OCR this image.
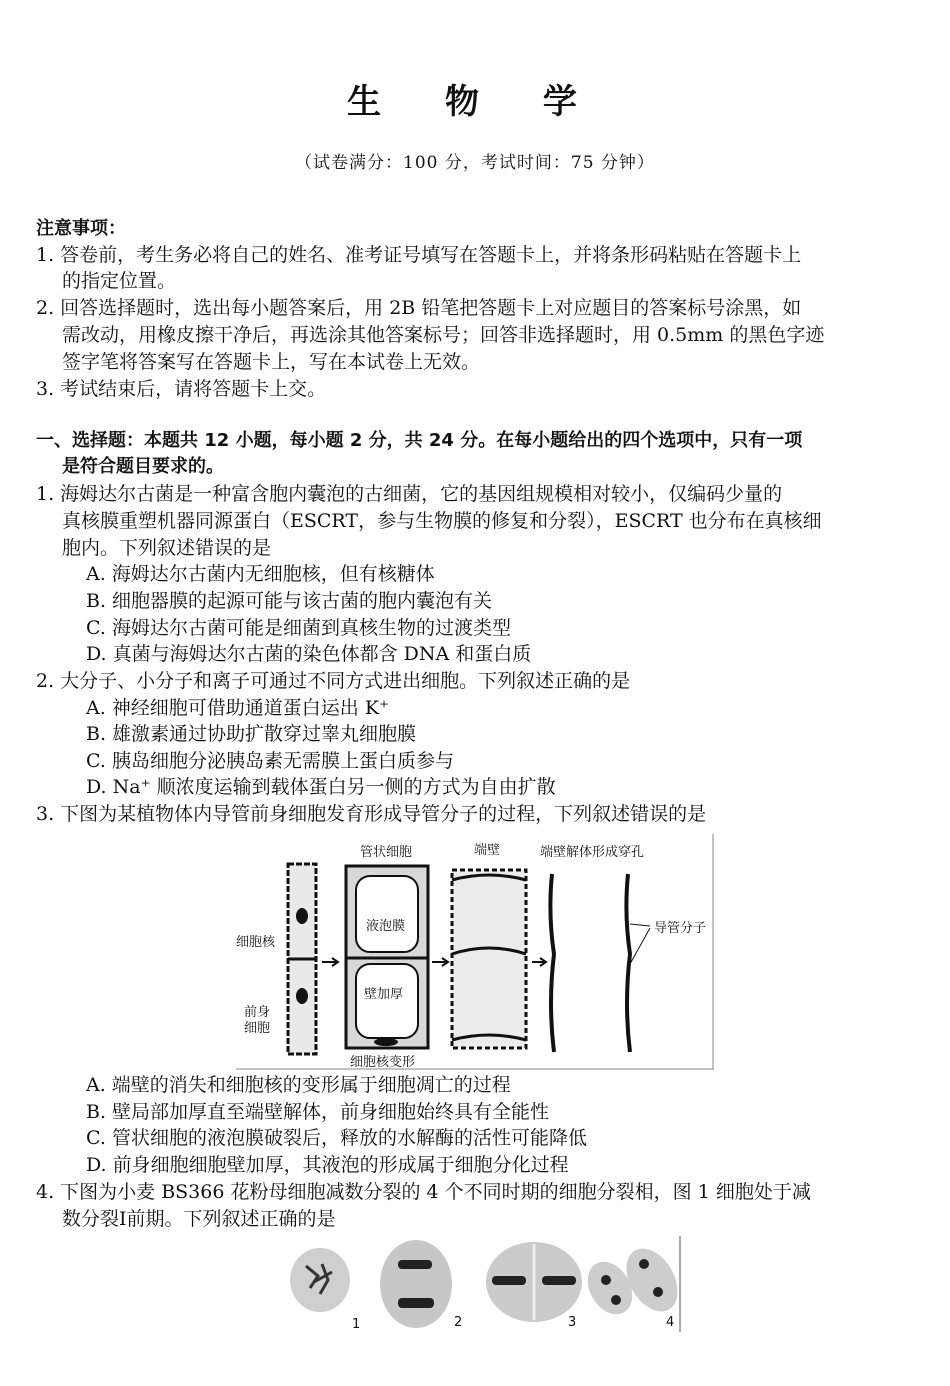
生 物 学
（试卷满分：100 分，考试时间：75 分钟）
注意事项：
1. 答卷前，考生务必将自己的姓名、准考证号填写在答题卡上，并将条形码粘贴在答题卡上
的指定位置。
2. 回答选择题时，选出每小题答案后，用 2B 铅笔把答题卡上对应题目的答案标号涂黑，如
需改动，用橡皮擦干净后，再选涂其他答案标号；回答非选择题时，用 0.5mm 的黑色字迹
签字笔将答案写在答题卡上，写在本试卷上无效。
3. 考试结束后，请将答题卡上交。
一、选择题：本题共 12 小题，每小题 2 分，共 24 分。在每小题给出的四个选项中，只有一项
是符合题目要求的。
1. 海姆达尔古菌是一种富含胞内囊泡的古细菌，它的基因组规模相对较小，仅编码少量的
真核膜重塑机器同源蛋白（ESCRT，参与生物膜的修复和分裂），ESCRT 也分布在真核细
胞内。下列叙述错误的是
A. 海姆达尔古菌内无细胞核，但有核糖体
B. 细胞器膜的起源可能与该古菌的胞内囊泡有关
C. 海姆达尔古菌可能是细菌到真核生物的过渡类型
D. 真菌与海姆达尔古菌的染色体都含 DNA 和蛋白质
2. 大分子、小分子和离子可通过不同方式进出细胞。下列叙述正确的是
A. 神经细胞可借助通道蛋白运出 K⁺
B. 雄激素通过协助扩散穿过睾丸细胞膜
C. 胰岛细胞分泌胰岛素无需膜上蛋白质参与
D. Na⁺ 顺浓度运输到载体蛋白另一侧的方式为自由扩散
3. 下图为某植物体内导管前身细胞发育形成导管分子的过程，下列叙述错误的是
管状细胞	端壁	端壁解体形成穿孔
细胞核
液泡膜	导管分子
壁加厚
前身
细胞
细胞核变形
A. 端壁的消失和细胞核的变形属于细胞凋亡的过程
B. 壁局部加厚直至端壁解体，前身细胞始终具有全能性
C. 管状细胞的液泡膜破裂后，释放的水解酶的活性可能降低
D. 前身细胞细胞壁加厚，其液泡的形成属于细胞分化过程
4. 下图为小麦 BS366 花粉母细胞减数分裂的 4 个不同时期的细胞分裂相，图 1 细胞处于减
数分裂Ⅰ前期。下列叙述正确的是
1	2	3	4
